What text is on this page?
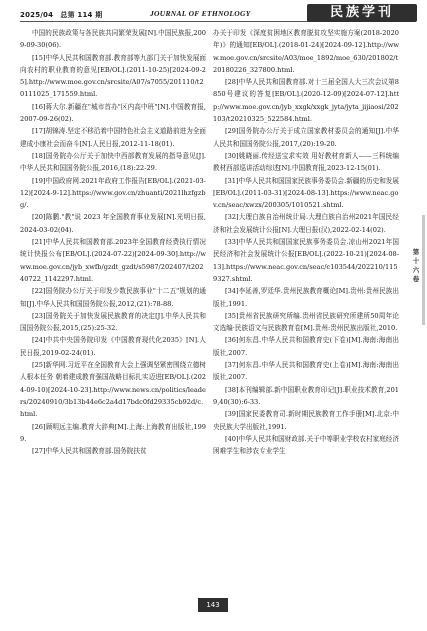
2025/04　总第 114 期	JOURNAL OF ETHNOLOGY	民族学刊

中国的民族政策与各民族共同繁荣发展[N].中国民族报,2009-09-30(06).

[15]中华人民共和国教育部.教育部等九部门关于加快发展面向农村的职业教育的意见[EB/OL].(2011-10-25)[2024-09-25].http://www.moe.gov.cn/srcsite/A07/s7055/201110/t20111025_171559.html.

[16]蒋大尔.新疆在"城市首办"区内高中班"[N].中国教育报,2007-09-26(02).

[17]胡锦涛.坚定不移沿着中国特色社会主义道路前进为全面建成小康社会而奋斗[N].人民日报,2012-11-18(01).

[18]国务院办公厅关于加快中西部教育发展的指导意见[J].中华人民共和国国务院公报,2016,(18):22-29.

[19]中国政府网.2021年政府工作报告[EB/OL].(2021-03-12)[2024-9-12].https://www.gov.cn/zhuanti/2021lhzfgzbg/.

[20]陈鹏."教"说 2023 年全国教育事业发展[N].光明日报,2024-03-02(04).

[21]中华人民共和国教育部.2023年全国教育经费执行情况统计快报公布[EB/OL].(2024-07-22)[2024-09-30].http://www.moe.gov.cn/jyb_xwfb/gzdt_gzdt/s5987/202407/t20240722_1142297.html.

[22]国务院办公厅关于印发少数民族事业"十二五"规划的通知[J].中华人民共和国国务院公报,2012,(21):78-88.

[23]国务院关于加快发展民族教育的决定[J].中华人民共和国国务院公报,2015,(25):25-32.

[24]中共中央国务院印发《中国教育现代化2035》[N].人民日报,2019-02-24(01).

[25]新华网.习近平在全国教育大会上强调坚紧密围绕立德树人根本任务 朝着建成教育强国战略目标扎实迈进[EB/OL].(2024-09-10)[2024-10-23].http://www.news.cn/politics/leaders/20240910/3b13b44e6c2a4d17bdc0fd29335cb92d/c.html.

[26]顾明远主编.教育大辞典[M].上海:上海教育出版社,1999.

[27]中华人民共和国教育部.国务院扶贫

办关于印发《深度贫困地区教育脱贫攻坚实施方案(2018-2020年)》的通知[EB/OL].(2018-01-24)[2024-09-12].http://www.moe.gov.cn/srcsite/A03/moe_1892/moe_630/201802/t20180226_327800.html.

[28]中华人民共和国教育部.对十三届全国人大三次会议第8850号建议的答复[EB/OL].(2020-12-09)[2024-07-12].http://www.moe.gov.cn/jyb_xxgk/xxgk_jyta/jyta_jijiaosi/202103/t20210325_522584.html.

[29]国务院办公厅关于成立国家教材委员会的通知[J].中华人民共和国国务院公报,2017,(20):19-20.

[30]姚晓丽.传经送宝求实效 用好教材育新人——三科统编教材西部巡讲活动综述[N].中国教育报,2023-12-15(01).

[31]中华人民共和国国家民族事务委员会.新疆的历史和发展[EB/OL].(2011-03-31)[2024-08-13].https://www.neac.gov.cn/seac/xwzx/200305/1010521.shtml.

[32]大理白族自治州统计局.大理白族自治州2021年国民经济和社会发展统计公报[N].大理日报(汉),2022-02-14(02).

[33]中华人民共和国国家民族事务委员会.凉山州2021年国民经济和社会发展统计公报[EB/OL].(2022-10-21)[2024-08-13].https://www.neac.gov.cn/seac/c103544/202210/1159327.shtml.

[34]李延善,罗廷华.贵州民族教育概论[M].贵州:贵州民族出版社,1991.

[35]贵州省民族研究所编.贵州省民族研究所建所50周年论文选编·民族语文与民族教育卷[M].贵州:贵州民族出版社,2010.

[36]何东昌.中华人民共和国教育史(下卷)[M].海南:海南出版社,2007.

[37]何东昌.中华人民共和国教育史(上卷)[M].海南:海南出版社,2007.

[38]本刊编辑部.新中国职业教育印记[J].职业技术教育,2019,40(30):6-33.

[39]国家民委教育司.新时期民族教育工作手册[M].北京:中央民族大学出版社,1991.

[40]中华人民共和国财政部.关于中等职业学校农村家庭经济困难学生和涉农专业学生

第
十
六
卷
143
